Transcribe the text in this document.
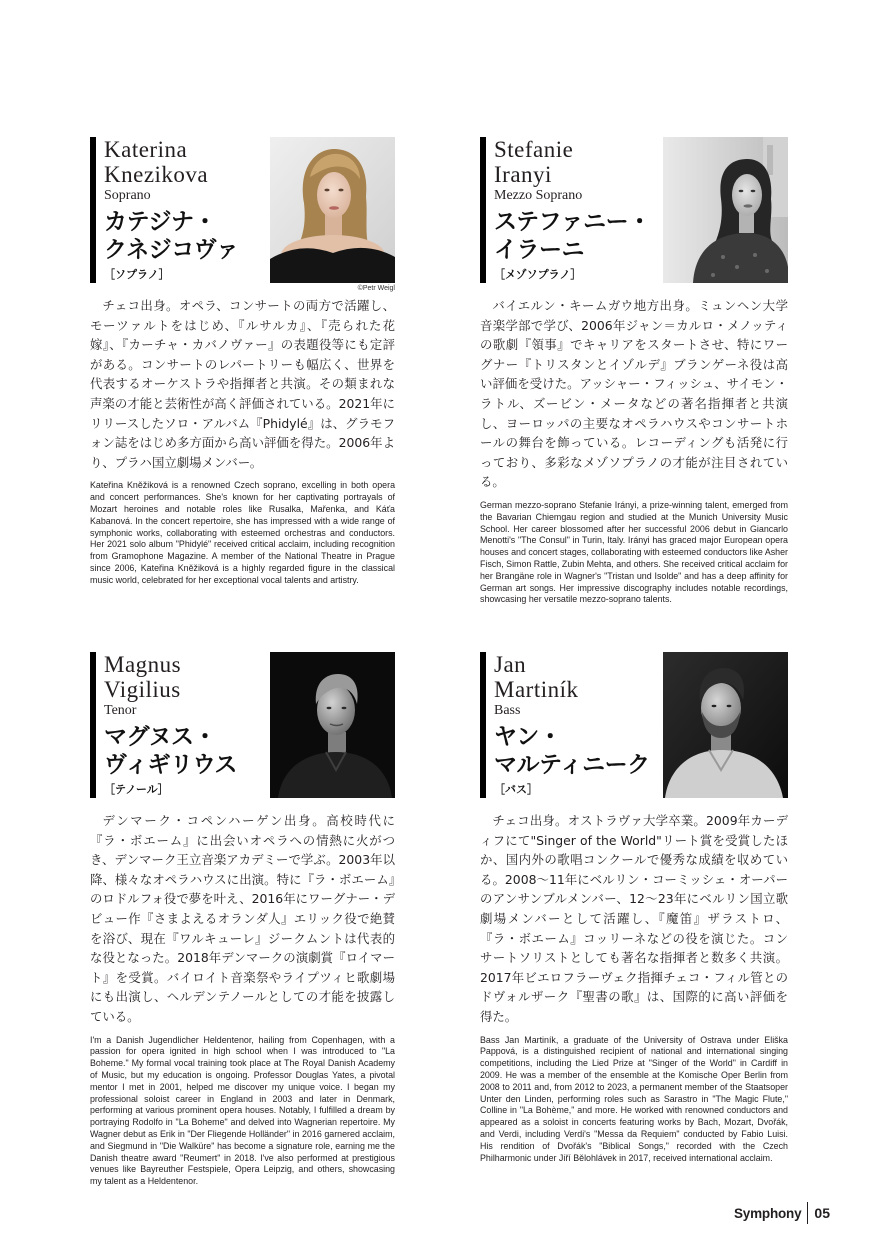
Katerina
Knezikova
Soprano
カテジナ・
クネジコヴァ
［ソプラノ］
©Petr Weigl

チェコ出身。オペラ、コンサートの両方で活躍し、モーツァルトをはじめ、『ルサルカ』、『売られた花嫁』、『カーチャ・カバノヴァー』の表題役等にも定評がある。コンサートのレパートリーも幅広く、世界を代表するオーケストラや指揮者と共演。その類まれな声楽の才能と芸術性が高く評価されている。2021年にリリースしたソロ・アルバム『Phidylé』は、グラモフォン誌をはじめ多方面から高い評価を得た。2006年より、プラハ国立劇場メンバー。

Kateřina Kněžiková is a renowned Czech soprano, excelling in both opera and concert performances. She's known for her captivating portrayals of Mozart heroines and notable roles like Rusalka, Mařenka, and Káťa Kabanová. In the concert repertoire, she has impressed with a wide range of symphonic works, collaborating with esteemed orchestras and conductors. Her 2021 solo album "Phidylé" received critical acclaim, including recognition from Gramophone Magazine. A member of the National Theatre in Prague since 2006, Kateřina Kněžiková is a highly regarded figure in the classical music world, celebrated for her exceptional vocal talents and artistry.

Stefanie
Iranyi
Mezzo Soprano
ステファニー・
イラーニ
［メゾソプラノ］

バイエルン・キームガウ地方出身。ミュンヘン大学音楽学部で学び、2006年ジャン＝カルロ・メノッティの歌劇『領事』でキャリアをスタートさせ、特にワーグナー『トリスタンとイゾルデ』ブランゲーネ役は高い評価を受けた。アッシャー・フィッシュ、サイモン・ラトル、ズービン・メータなどの著名指揮者と共演し、ヨーロッパの主要なオペラハウスやコンサートホールの舞台を飾っている。レコーディングも活発に行っており、多彩なメゾソプラノの才能が注目されている。

German mezzo-soprano Stefanie Irányi, a prize-winning talent, emerged from the Bavarian Chiemgau region and studied at the Munich University Music School. Her career blossomed after her successful 2006 debut in Giancarlo Menotti's "The Consul" in Turin, Italy. Irányi has graced major European opera houses and concert stages, collaborating with esteemed conductors like Asher Fisch, Simon Rattle, Zubin Mehta, and others. She received critical acclaim for her Brangäne role in Wagner's "Tristan und Isolde" and has a deep affinity for German art songs. Her impressive discography includes notable recordings, showcasing her versatile mezzo-soprano talents.

Magnus
Vigilius
Tenor
マグヌス・
ヴィギリウス
［テノール］

デンマーク・コペンハーゲン出身。高校時代に『ラ・ボエーム』に出会いオペラへの情熱に火がつき、デンマーク王立音楽アカデミーで学ぶ。2003年以降、様々なオペラハウスに出演。特に『ラ・ボエーム』のロドルフォ役で夢を叶え、2016年にワーグナー・デビュー作『さまよえるオランダ人』エリック役で絶賛を浴び、現在『ワルキューレ』ジークムントは代表的な役となった。2018年デンマークの演劇賞『ロイマート』を受賞。バイロイト音楽祭やライプツィヒ歌劇場にも出演し、ヘルデンテノールとしての才能を披露している。

I'm a Danish Jugendlicher Heldentenor, hailing from Copenhagen, with a passion for opera ignited in high school when I was introduced to "La Boheme." My formal vocal training took place at The Royal Danish Academy of Music, but my education is ongoing. Professor Douglas Yates, a pivotal mentor I met in 2001, helped me discover my unique voice. I began my professional soloist career in England in 2003 and later in Denmark, performing at various prominent opera houses. Notably, I fulfilled a dream by portraying Rodolfo in "La Boheme" and delved into Wagnerian repertoire. My Wagner debut as Erik in "Der Fliegende Holländer" in 2016 garnered acclaim, and Siegmund in "Die Walküre" has become a signature role, earning me the Danish theatre award "Reumert" in 2018. I've also performed at prestigious venues like Bayreuther Festspiele, Opera Leipzig, and others, showcasing my talent as a Heldentenor.

Jan
Martiník
Bass
ヤン・
マルティニーク
［バス］

チェコ出身。オストラヴァ大学卒業。2009年カーディフにて"Singer of the World"リート賞を受賞したほか、国内外の歌唱コンクールで優秀な成績を収めている。2008～11年にベルリン・コーミッシェ・オーパーのアンサンブルメンバー、12～23年にベルリン国立歌劇場メンバーとして活躍し、『魔笛』ザラストロ、『ラ・ボエーム』コッリーネなどの役を演じた。コンサートソリストとしても著名な指揮者と数多く共演。2017年ビエロフラーヴェク指揮チェコ・フィル管とのドヴォルザーク『聖書の歌』は、国際的に高い評価を得た。

Bass Jan Martiník, a graduate of the University of Ostrava under Eliška Pappová, is a distinguished recipient of national and international singing competitions, including the Lied Prize at "Singer of the World" in Cardiff in 2009. He was a member of the ensemble at the Komische Oper Berlin from 2008 to 2011 and, from 2012 to 2023, a permanent member of the Staatsoper Unter den Linden, performing roles such as Sarastro in "The Magic Flute," Colline in "La Bohème," and more. He worked with renowned conductors and appeared as a soloist in concerts featuring works by Bach, Mozart, Dvořák, and Verdi, including Verdi's "Messa da Requiem" conducted by Fabio Luisi. His rendition of Dvořák's "Biblical Songs," recorded with the Czech Philharmonic under Jiří Bělohlávek in 2017, received international acclaim.

Symphony 05
